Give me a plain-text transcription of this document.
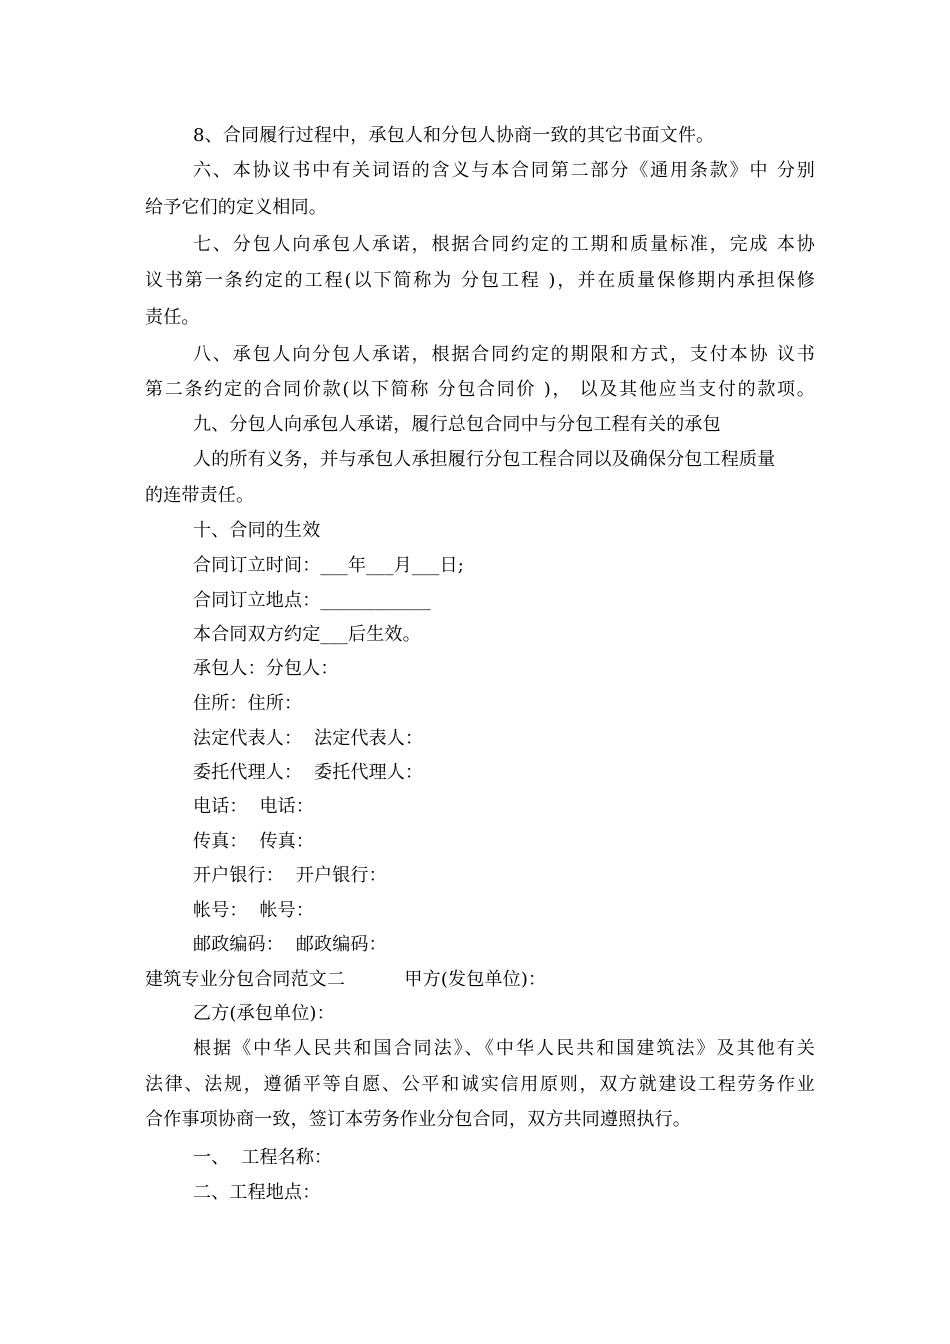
8、合同履行过程中，承包人和分包人协商一致的其它书面文件。
六、本协议书中有关词语的含义与本合同第二部分《通用条款》中 分别
给予它们的定义相同。
七、分包人向承包人承诺，根据合同约定的工期和质量标准，完成 本协
议书第一条约定的工程(以下简称为 分包工程 )，并在质量保修期内承担保修
责任。
八、承包人向分包人承诺，根据合同约定的期限和方式，支付本协 议书
第二条约定的合同价款(以下简称 分包合同价 )， 以及其他应当支付的款项。
九、分包人向承包人承诺，履行总包合同中与分包工程有关的承包
人的所有义务，并与承包人承担履行分包工程合同以及确保分包工程质量
的连带责任。
十、合同的生效
合同订立时间：___年___月___日;
合同订立地点：____________
本合同双方约定___后生效。
承包人：分包人：
住所：住所：
法定代表人：  法定代表人：
委托代理人：  委托代理人：
电话：  电话：
传真：  传真：
开户银行：  开户银行：
帐号：  帐号：
邮政编码：  邮政编码：
建筑专业分包合同范文二          甲方(发包单位)：
乙方(承包单位)：
根据《中华人民共和国合同法》、《中华人民共和国建筑法》及其他有关
法律、法规，遵循平等自愿、公平和诚实信用原则，双方就建设工程劳务作业
合作事项协商一致，签订本劳务作业分包合同，双方共同遵照执行。
一、  工程名称：
二、工程地点：
